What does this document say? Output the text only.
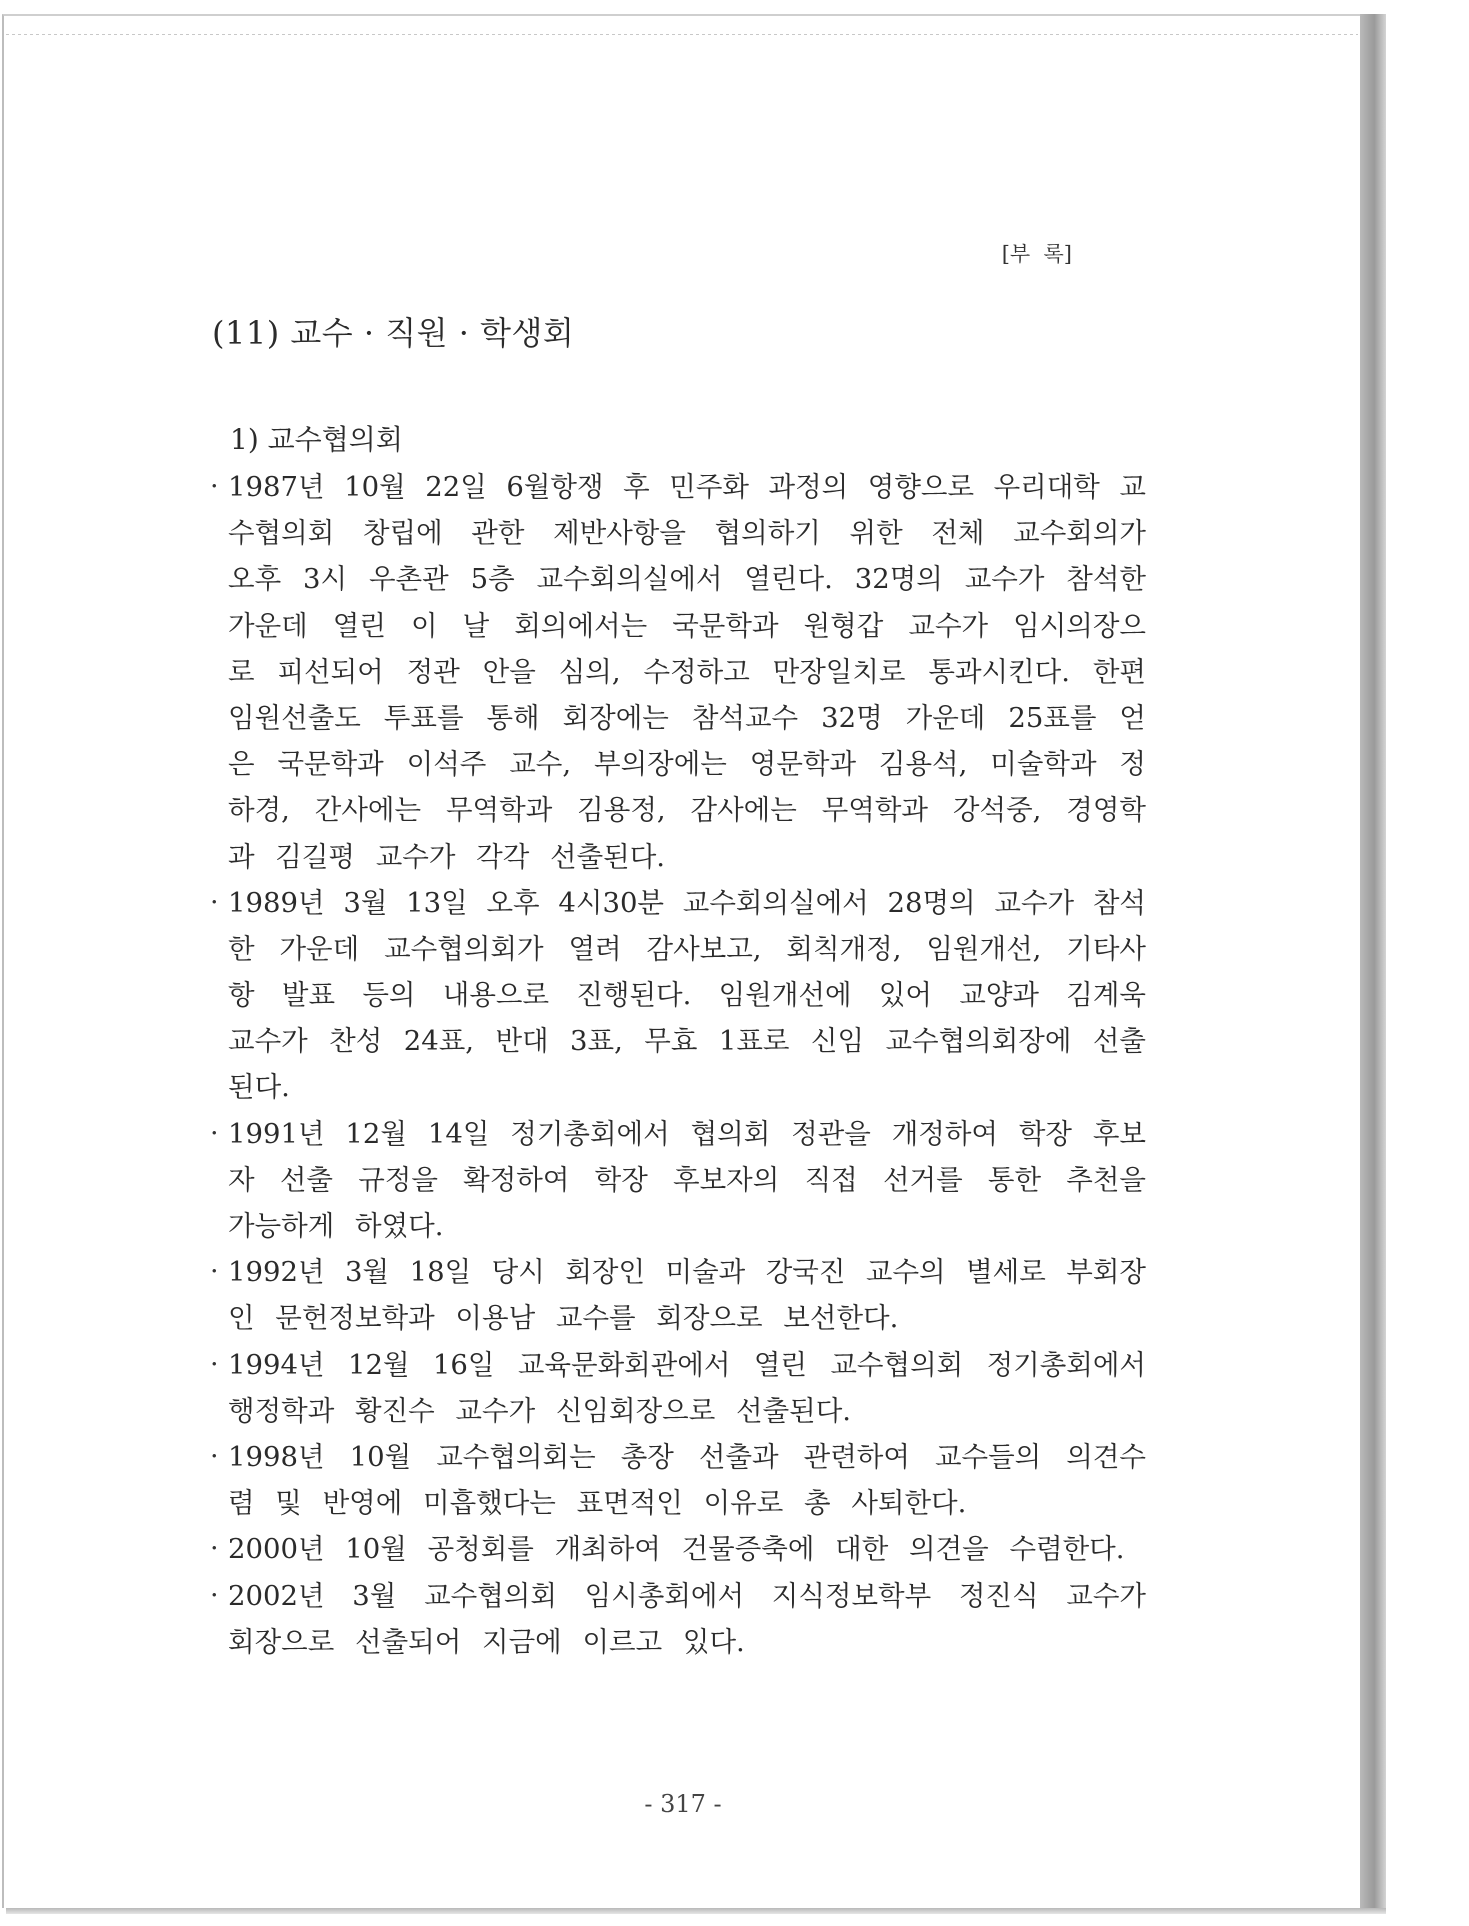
[부  록]
(11) 교수 · 직원 · 학생회
1) 교수협의회
· 1987년 10월 22일 6월항쟁 후 민주화 과정의 영향으로 우리대학 교
수협의회 창립에 관한 제반사항을 협의하기 위한 전체 교수회의가
오후 3시 우촌관 5층 교수회의실에서 열린다. 32명의 교수가 참석한
가운데 열린 이 날 회의에서는 국문학과 원형갑 교수가 임시의장으
로 피선되어 정관 안을 심의, 수정하고 만장일치로 통과시킨다. 한편
임원선출도 투표를 통해 회장에는 참석교수 32명 가운데 25표를 얻
은 국문학과 이석주 교수, 부의장에는 영문학과 김용석, 미술학과 정
하경, 간사에는 무역학과 김용정, 감사에는 무역학과 강석중, 경영학
과 김길평 교수가 각각 선출된다.
· 1989년 3월 13일 오후 4시30분 교수회의실에서 28명의 교수가 참석
한 가운데 교수협의회가 열려 감사보고, 회칙개정, 임원개선, 기타사
항 발표 등의 내용으로 진행된다. 임원개선에 있어 교양과 김계욱
교수가 찬성 24표, 반대 3표, 무효 1표로 신임 교수협의회장에 선출
된다.
· 1991년 12월 14일 정기총회에서 협의회 정관을 개정하여 학장 후보
자 선출 규정을 확정하여 학장 후보자의 직접 선거를 통한 추천을
가능하게 하였다.
· 1992년 3월 18일 당시 회장인 미술과 강국진 교수의 별세로 부회장
인 문헌정보학과 이용남 교수를 회장으로 보선한다.
· 1994년 12월 16일 교육문화회관에서 열린 교수협의회 정기총회에서
행정학과 황진수 교수가 신임회장으로 선출된다.
· 1998년 10월 교수협의회는 총장 선출과 관련하여 교수들의 의견수
렴 및 반영에 미흡했다는 표면적인 이유로 총 사퇴한다.
· 2000년 10월 공청회를 개최하여 건물증축에 대한 의견을 수렴한다.
· 2002년 3월 교수협의회 임시총회에서 지식정보학부 정진식 교수가
회장으로 선출되어 지금에 이르고 있다.
- 317 -
